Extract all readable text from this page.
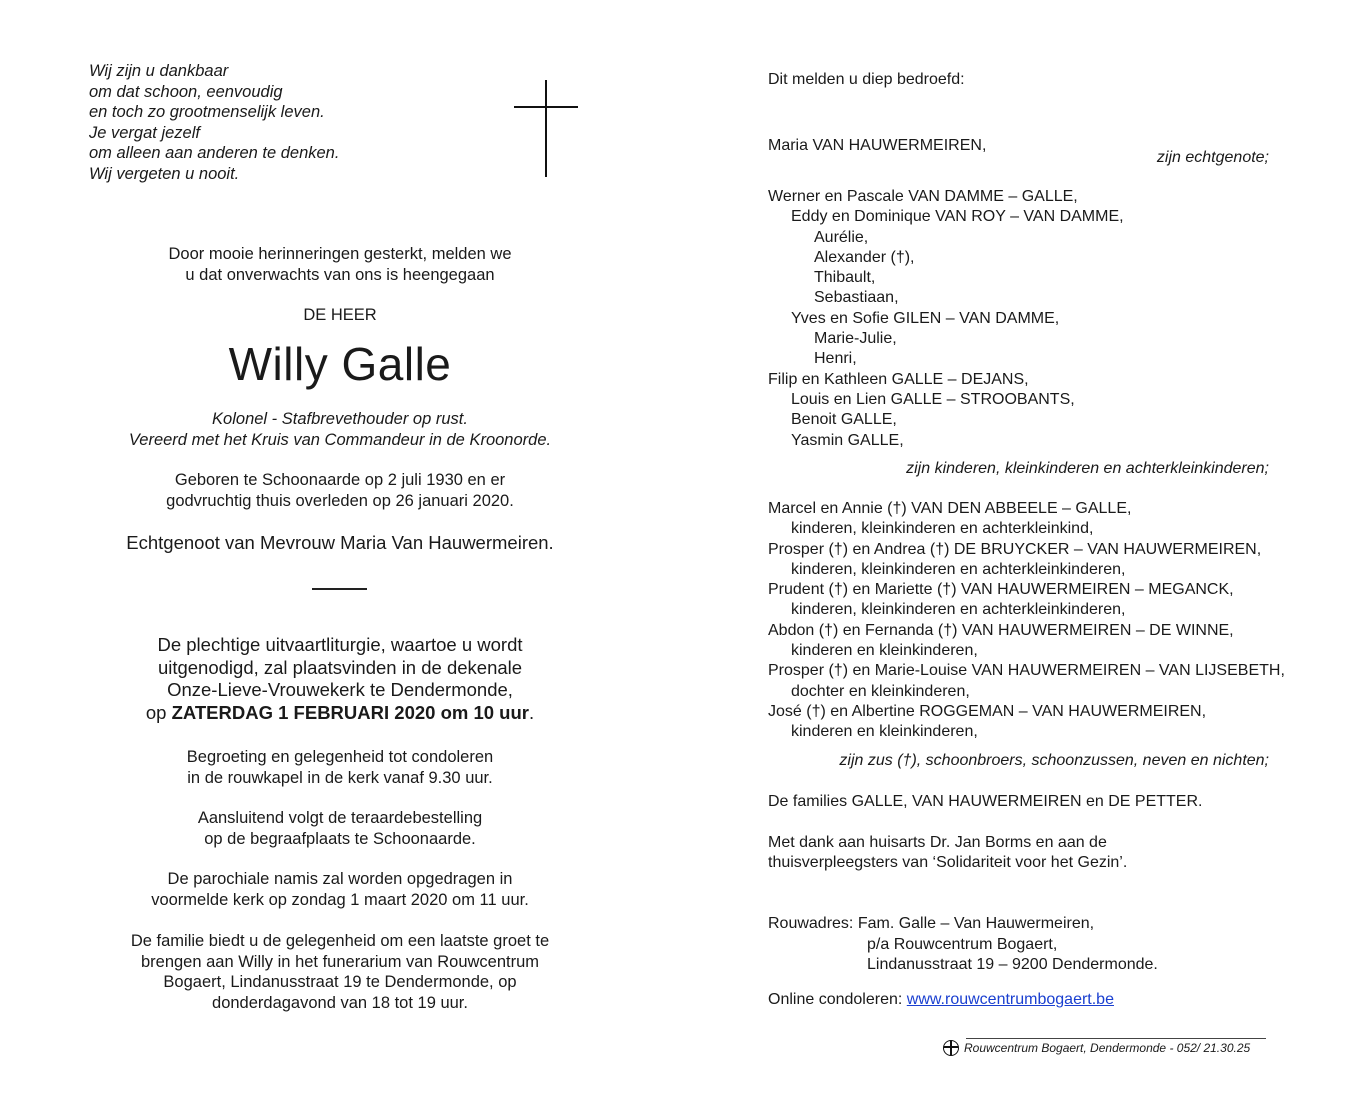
Wij zijn u dankbaar
om dat schoon, eenvoudig
en toch zo grootmenselijk leven.
Je vergat jezelf
om alleen aan anderen te denken.
Wij vergeten u nooit.
Door mooie herinneringen gesterkt, melden we
u dat onverwachts van ons is heengegaan
DE HEER
Willy Galle
Kolonel - Stafbrevethouder op rust.
Vereerd met het Kruis van Commandeur in de Kroonorde.
Geboren te Schoonaarde op 2 juli 1930 en er
godvruchtig thuis overleden op 26 januari 2020.
Echtgenoot van Mevrouw Maria Van Hauwermeiren.
De plechtige uitvaartliturgie, waartoe u wordt
uitgenodigd, zal plaatsvinden in de dekenale
Onze-Lieve-Vrouwekerk te Dendermonde,
op ZATERDAG 1 FEBRUARI 2020 om 10 uur.
Begroeting en gelegenheid tot condoleren
in de rouwkapel in de kerk vanaf 9.30 uur.
Aansluitend volgt de teraardebestelling
op de begraafplaats te Schoonaarde.
De parochiale namis zal worden opgedragen in
voormelde kerk op zondag 1 maart 2020 om 11 uur.
De familie biedt u de gelegenheid om een laatste groet te
brengen aan Willy in het funerarium van Rouwcentrum
Bogaert, Lindanusstraat 19 te Dendermonde, op
donderdagavond van 18 tot 19 uur.
Dit melden u diep bedroefd:
Maria VAN HAUWERMEIREN,
zijn echtgenote;
Werner en Pascale VAN DAMME – GALLE,
Eddy en Dominique VAN ROY – VAN DAMME,
Aurélie,
Alexander (†),
Thibault,
Sebastiaan,
Yves en Sofie GILEN – VAN DAMME,
Marie-Julie,
Henri,
Filip en Kathleen GALLE – DEJANS,
Louis en Lien GALLE – STROOBANTS,
Benoit GALLE,
Yasmin GALLE,
zijn kinderen, kleinkinderen en achterkleinkinderen;
Marcel en Annie (†) VAN DEN ABBEELE – GALLE,
kinderen, kleinkinderen en achterkleinkind,
Prosper (†) en Andrea (†) DE BRUYCKER – VAN HAUWERMEIREN,
kinderen, kleinkinderen en achterkleinkinderen,
Prudent (†) en Mariette (†) VAN HAUWERMEIREN – MEGANCK,
kinderen, kleinkinderen en achterkleinkinderen,
Abdon (†) en Fernanda (†) VAN HAUWERMEIREN – DE WINNE,
kinderen en kleinkinderen,
Prosper (†) en Marie-Louise VAN HAUWERMEIREN – VAN LIJSEBETH,
dochter en kleinkinderen,
José (†) en Albertine ROGGEMAN – VAN HAUWERMEIREN,
kinderen en kleinkinderen,
zijn zus (†), schoonbroers, schoonzussen, neven en nichten;
De families GALLE, VAN HAUWERMEIREN en DE PETTER.
Met dank aan huisarts Dr. Jan Borms en aan de
thuisverpleegsters van ‘Solidariteit voor het Gezin’.
Rouwadres: Fam. Galle – Van Hauwermeiren,
p/a Rouwcentrum Bogaert,
Lindanusstraat 19 – 9200 Dendermonde.
Online condoleren: www.rouwcentrumbogaert.be
Rouwcentrum Bogaert, Dendermonde - 052/ 21.30.25
